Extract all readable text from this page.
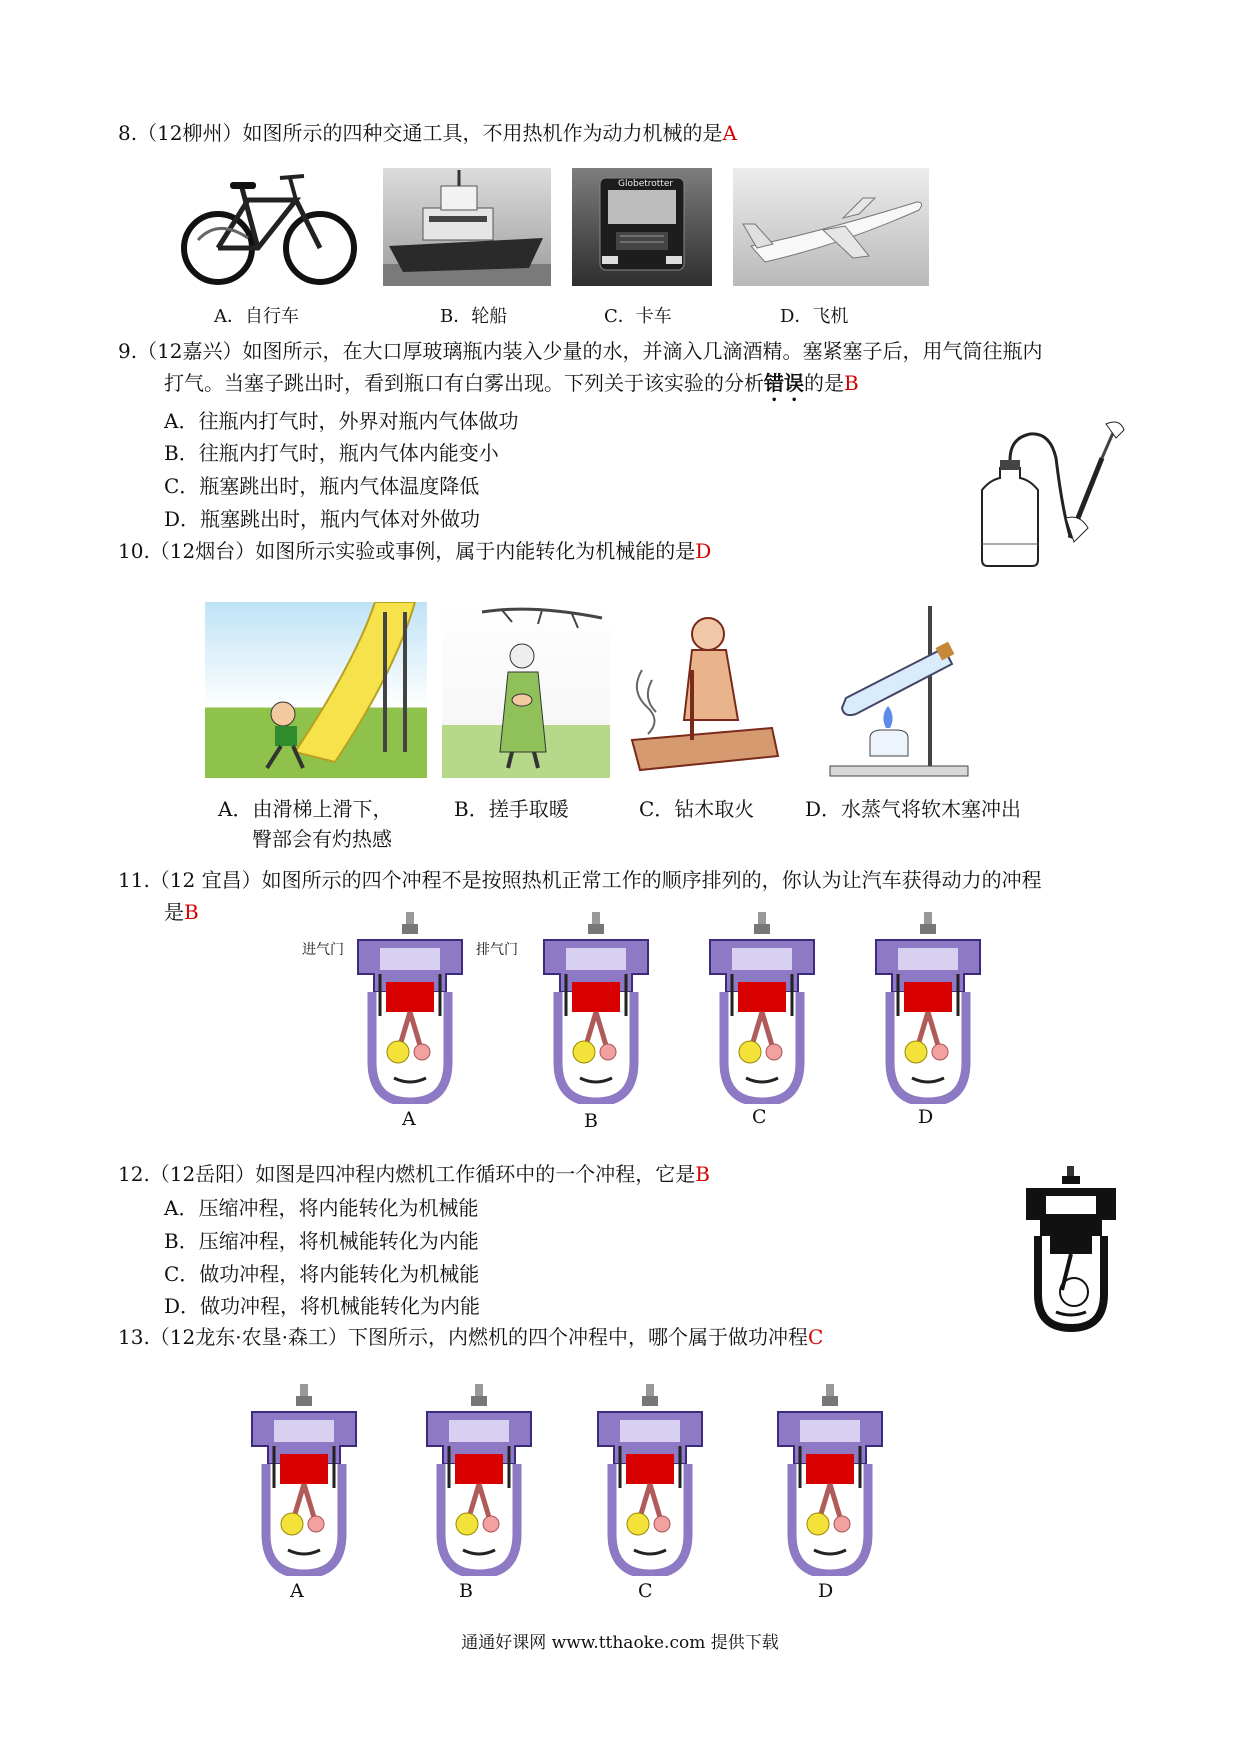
8.（12柳州）如图所示的四种交通工具，不用热机作为动力机械的是A
Globetrotter
A．自行车	B．轮船	C．卡车	D．飞机
9.（12嘉兴）如图所示，在大口厚玻璃瓶内装入少量的水，并滴入几滴酒精。塞紧塞子后，用气筒往瓶内
打气。当塞子跳出时，看到瓶口有白雾出现。下列关于该实验的分析错误的是B
A．往瓶内打气时，外界对瓶内气体做功
B．往瓶内打气时，瓶内气体内能变小
C．瓶塞跳出时，瓶内气体温度降低
D．瓶塞跳出时，瓶内气体对外做功
10.（12烟台）如图所示实验或事例，属于内能转化为机械能的是D
A．由滑梯上滑下，
臀部会有灼热感
B．搓手取暖	C．钻木取火	D．水蒸气将软木塞冲出
11.（12 宜昌）如图所示的四个冲程不是按照热机正常工作的顺序排列的，你认为让汽车获得动力的冲程
是B
进气门	排气门
A	B	C	D
12.（12岳阳）如图是四冲程内燃机工作循环中的一个冲程，它是B
A．压缩冲程，将内能转化为机械能
B．压缩冲程，将机械能转化为内能
C．做功冲程，将内能转化为机械能
D．做功冲程，将机械能转化为内能
13.（12龙东·农垦·森工）下图所示，内燃机的四个冲程中，哪个属于做功冲程C
A	B	C	D
通通好课网 www.tthaoke.com 提供下载
